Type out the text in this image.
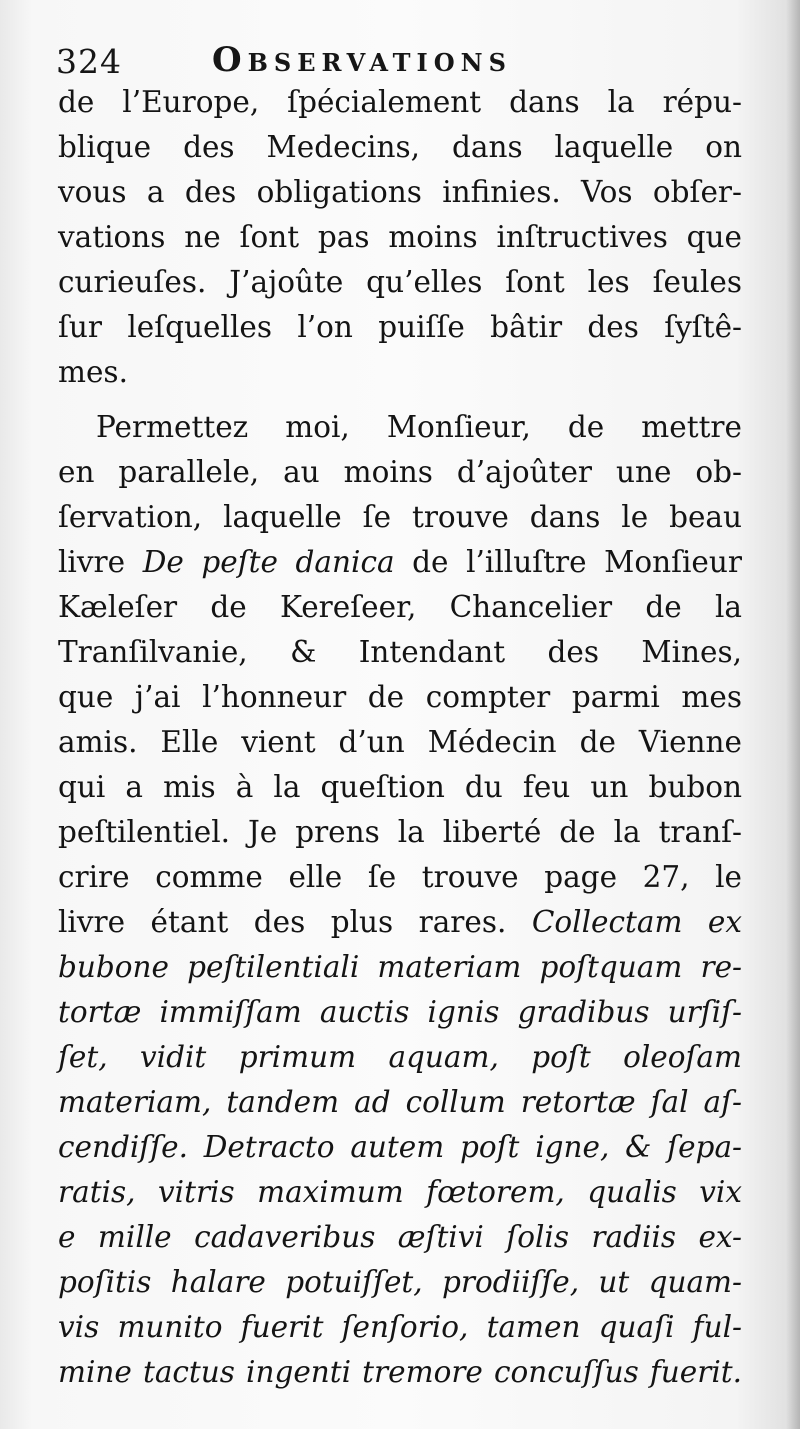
324	Observations
de l’Europe, ſpécialement dans la répu-
blique des Medecins, dans laquelle on
vous a des obligations infinies. Vos obſer-
vations ne ſont pas moins inſtructives que
curieuſes. J’ajoûte qu’elles ſont les ſeules
ſur leſquelles l’on puiſſe bâtir des ſyſtê-
mes.
Permettez moi, Monſieur, de mettre
en parallele, au moins d’ajoûter une ob-
ſervation, laquelle ſe trouve dans le beau
livre De peſte danica de l’illuſtre Monſieur
Kæleſer de Kereſeer, Chancelier de la
Tranſilvanie, & Intendant des Mines,
que j’ai l’honneur de compter parmi mes
amis. Elle vient d’un Médecin de Vienne
qui a mis à la queſtion du feu un bubon
peſtilentiel. Je prens la liberté de la tranſ-
crire comme elle ſe trouve page 27, le
livre étant des plus rares. Collectam ex
bubone peſtilentiali materiam poſtquam re-
tortæ immiſſam auctis ignis gradibus urſiſ-
ſet, vidit primum aquam, poſt oleoſam
materiam, tandem ad collum retortæ ſal aſ-
cendiſſe. Detracto autem poſt igne, & ſepa-
ratis, vitris maximum fœtorem, qualis vix
e mille cadaveribus æſtivi ſolis radiis ex-
poſitis halare potuiſſet, prodiiſſe, ut quam-
vis munito fuerit ſenſorio, tamen quaſi ful-
mine tactus ingenti tremore concuſſus fuerit.
